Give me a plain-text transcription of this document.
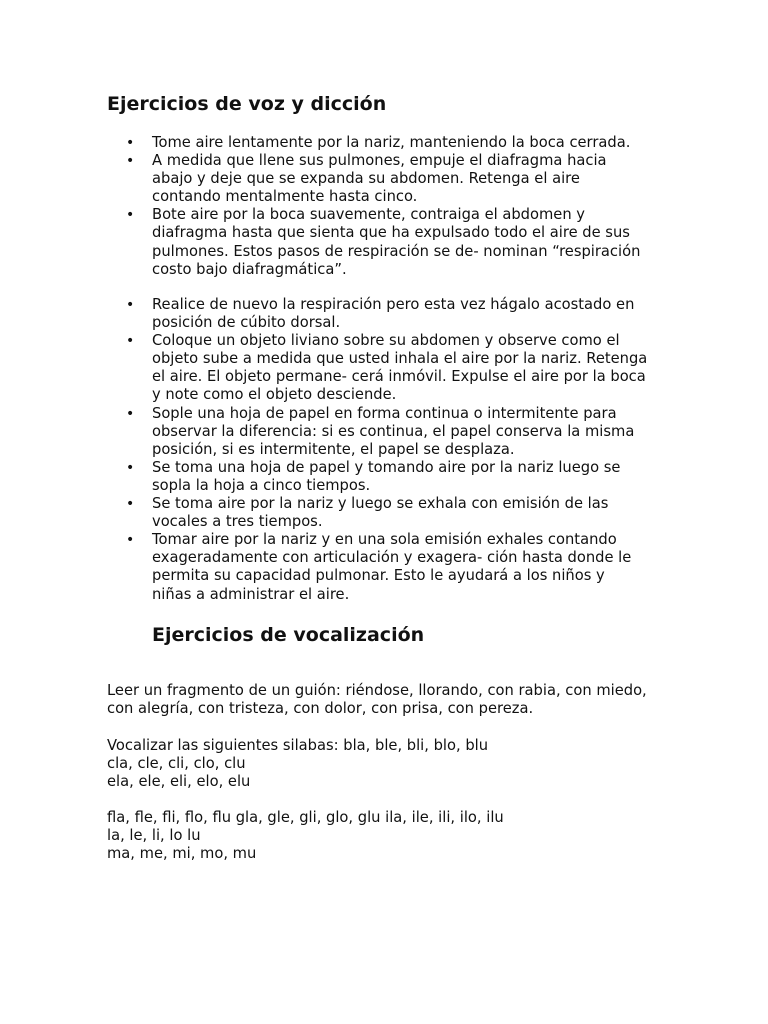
Ejercicios de voz y dicción
• Tome aire lentamente por la nariz, manteniendo la boca cerrada.
• A medida que llene sus pulmones, empuje el diafragma hacia
abajo y deje que se expanda su abdomen. Retenga el aire
contando mentalmente hasta cinco.
• Bote aire por la boca suavemente, contraiga el abdomen y
diafragma hasta que sienta que ha expulsado todo el aire de sus
pulmones. Estos pasos de respiración se de- nominan “respiración
costo bajo diafragmática”.
• Realice de nuevo la respiración pero esta vez hágalo acostado en
posición de cúbito dorsal.
• Coloque un objeto liviano sobre su abdomen y observe como el
objeto sube a medida que usted inhala el aire por la nariz. Retenga
el aire. El objeto permane- cerá inmóvil. Expulse el aire por la boca
y note como el objeto desciende.
• Sople una hoja de papel en forma continua o intermitente para
observar la diferencia: si es continua, el papel conserva la misma
posición, si es intermitente, el papel se desplaza.
• Se toma una hoja de papel y tomando aire por la nariz luego se
sopla la hoja a cinco tiempos.
• Se toma aire por la nariz y luego se exhala con emisión de las
vocales a tres tiempos.
• Tomar aire por la nariz y en una sola emisión exhales contando
exageradamente con articulación y exagera- ción hasta donde le
permita su capacidad pulmonar. Esto le ayudará a los niños y
niñas a administrar el aire.
Ejercicios de vocalización

Leer un fragmento de un guión: riéndose, llorando, con rabia, con miedo,
con alegría, con tristeza, con dolor, con prisa, con pereza.

Vocalizar las siguientes silabas: bla, ble, bli, blo, blu
cla, cle, cli, clo, clu
ela, ele, eli, elo, elu

fla, fle, fli, flo, flu gla, gle, gli, glo, glu ila, ile, ili, ilo, ilu
la, le, li, lo lu
ma, me, mi, mo, mu
